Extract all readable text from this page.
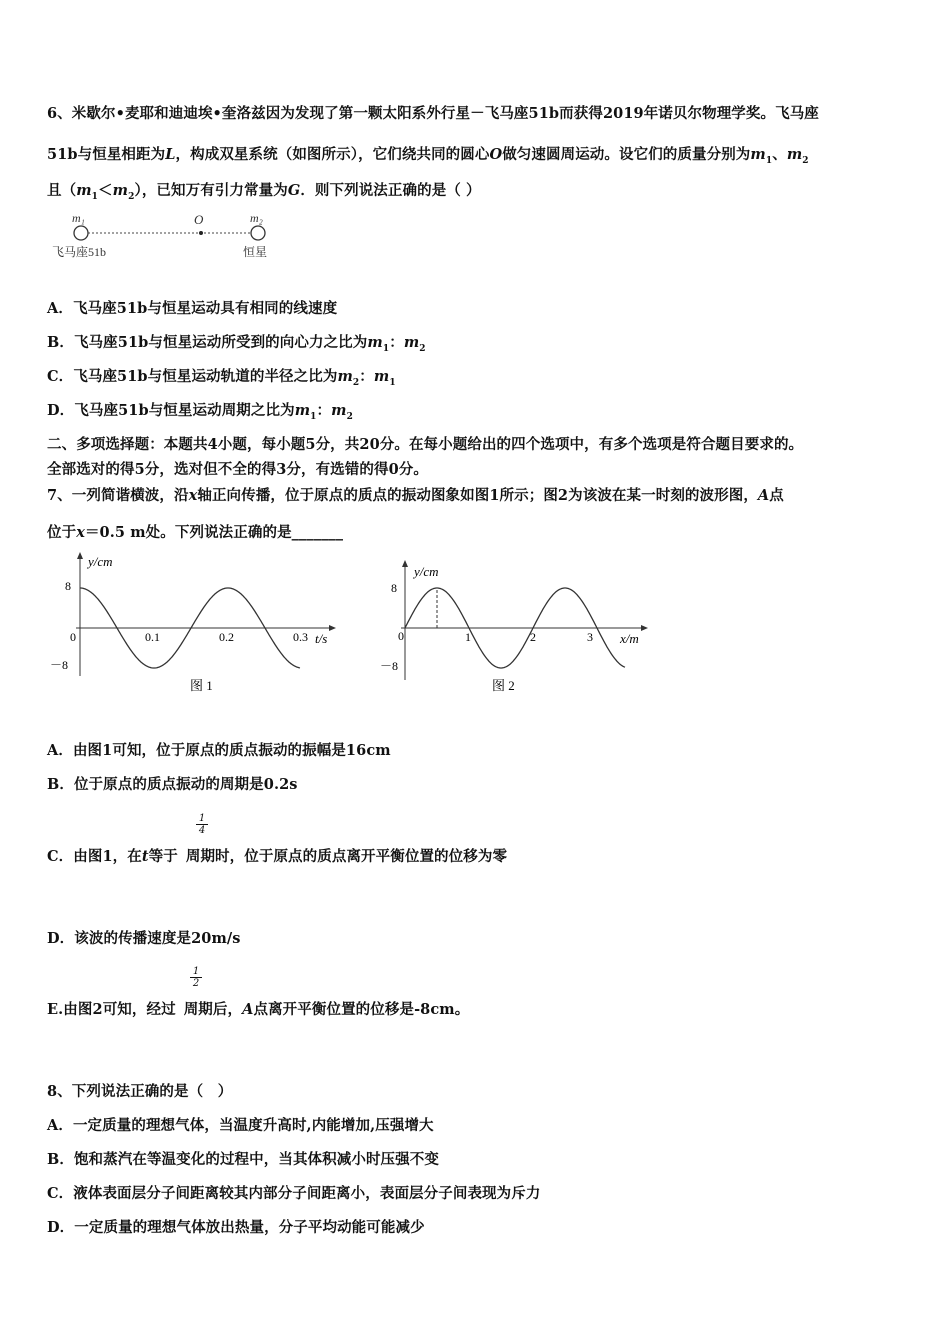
6、米歇尔•麦耶和迪迪埃•奎洛兹因为发现了第一颗太阳系外行星－飞马座51b而获得2019年诺贝尔物理学奖。飞马座
51b与恒星相距为L，构成双星系统（如图所示），它们绕共同的圆心O做匀速圆周运动。设它们的质量分别为$m_1$、$m_2$
且$(m_1<m_2)$，已知万有引力常量为G．则下列说法正确的是（ ）
m₁	O	m₂
飞马座51b	恒星
A．飞马座51b与恒星运动具有相同的线速度
B．飞马座51b与恒星运动所受到的向心力之比为$m_1$：$m_2$
C．飞马座51b与恒星运动轨道的半径之比为$m_2$：$m_1$
D．飞马座51b与恒星运动周期之比为$m_1$：$m_2$
二、多项选择题：本题共4小题，每小题5分，共20分。在每小题给出的四个选项中，有多个选项是符合题目要求的。
全部选对的得5分，选对但不全的得3分，有选错的得0分。
7、一列简谐横波，沿x轴正向传播，位于原点的质点的振动图象如图1所示；图2为该波在某一时刻的波形图，A点
位于x＝0.5 m处。下列说法正确的是_______
y/cm
t/s
8
－8
0	0.1	0.2	0.3
图 1
y/cm
x/m
8
－8
0	1	2	3
图 2
A．由图1可知，位于原点的质点振动的振幅是16cm
B．位于原点的质点振动的周期是0.2s
$\frac{1}{4}$
C．由图1，在t等于 周期时，位于原点的质点离开平衡位置的位移为零
D．该波的传播速度是20m/s
$\frac{1}{2}$
E.由图2可知，经过 周期后，A点离开平衡位置的位移是-8cm。
8、下列说法正确的是（　）
A．一定质量的理想气体，当温度升高时,内能增加,压强增大
B．饱和蒸汽在等温变化的过程中，当其体积减小时压强不变
C．液体表面层分子间距离较其内部分子间距离小，表面层分子间表现为斥力
D．一定质量的理想气体放出热量，分子平均动能可能减少
